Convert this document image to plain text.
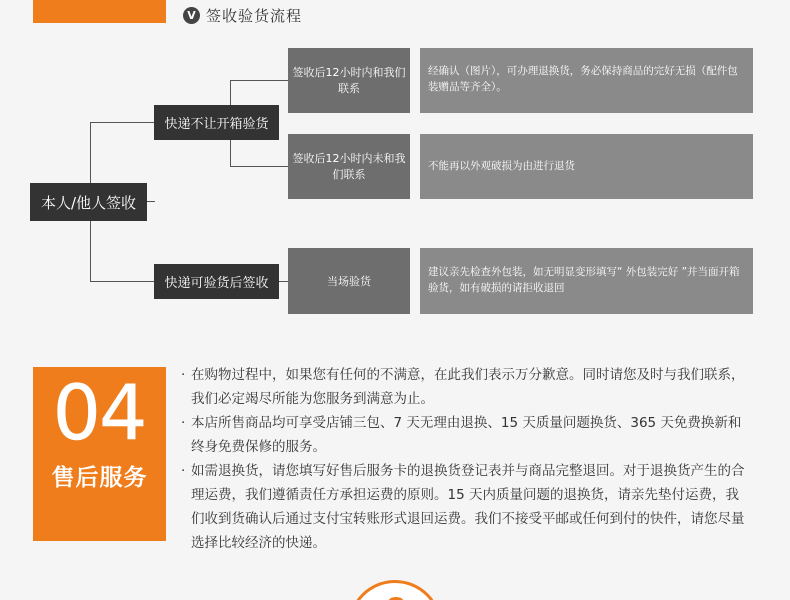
V 签收验货流程
本人/他人签收
快递不让开箱验货
快递可验货后签收
签收后12小时内和我们联系
签收后12小时内未和我们联系
当场验货
经确认（图片），可办理退换货，务必保持商品的完好无损（配件包装赠品等齐全）。
不能再以外观破损为由进行退货
建议亲先检查外包装，如无明显变形填写“ 外包装完好 ”并当面开箱验货，如有破损的请拒收退回
04
售后服务

· 在购物过程中，如果您有任何的不满意，在此我们表示万分歉意。同时请您及时与我们联系，我们必定竭尽所能为您服务到满意为止。

· 本店所售商品均可享受店铺三包、7 天无理由退换、15 天质量问题换货、365 天免费换新和终身免费保修的服务。

· 如需退换货，请您填写好售后服务卡的退换货登记表并与商品完整退回。对于退换货产生的合理运费，我们遵循责任方承担运费的原则。15 天内质量问题的退换货，请亲先垫付运费，我们收到货确认后通过支付宝转账形式退回运费。我们不接受平邮或任何到付的快件，请您尽量选择比较经济的快递。
